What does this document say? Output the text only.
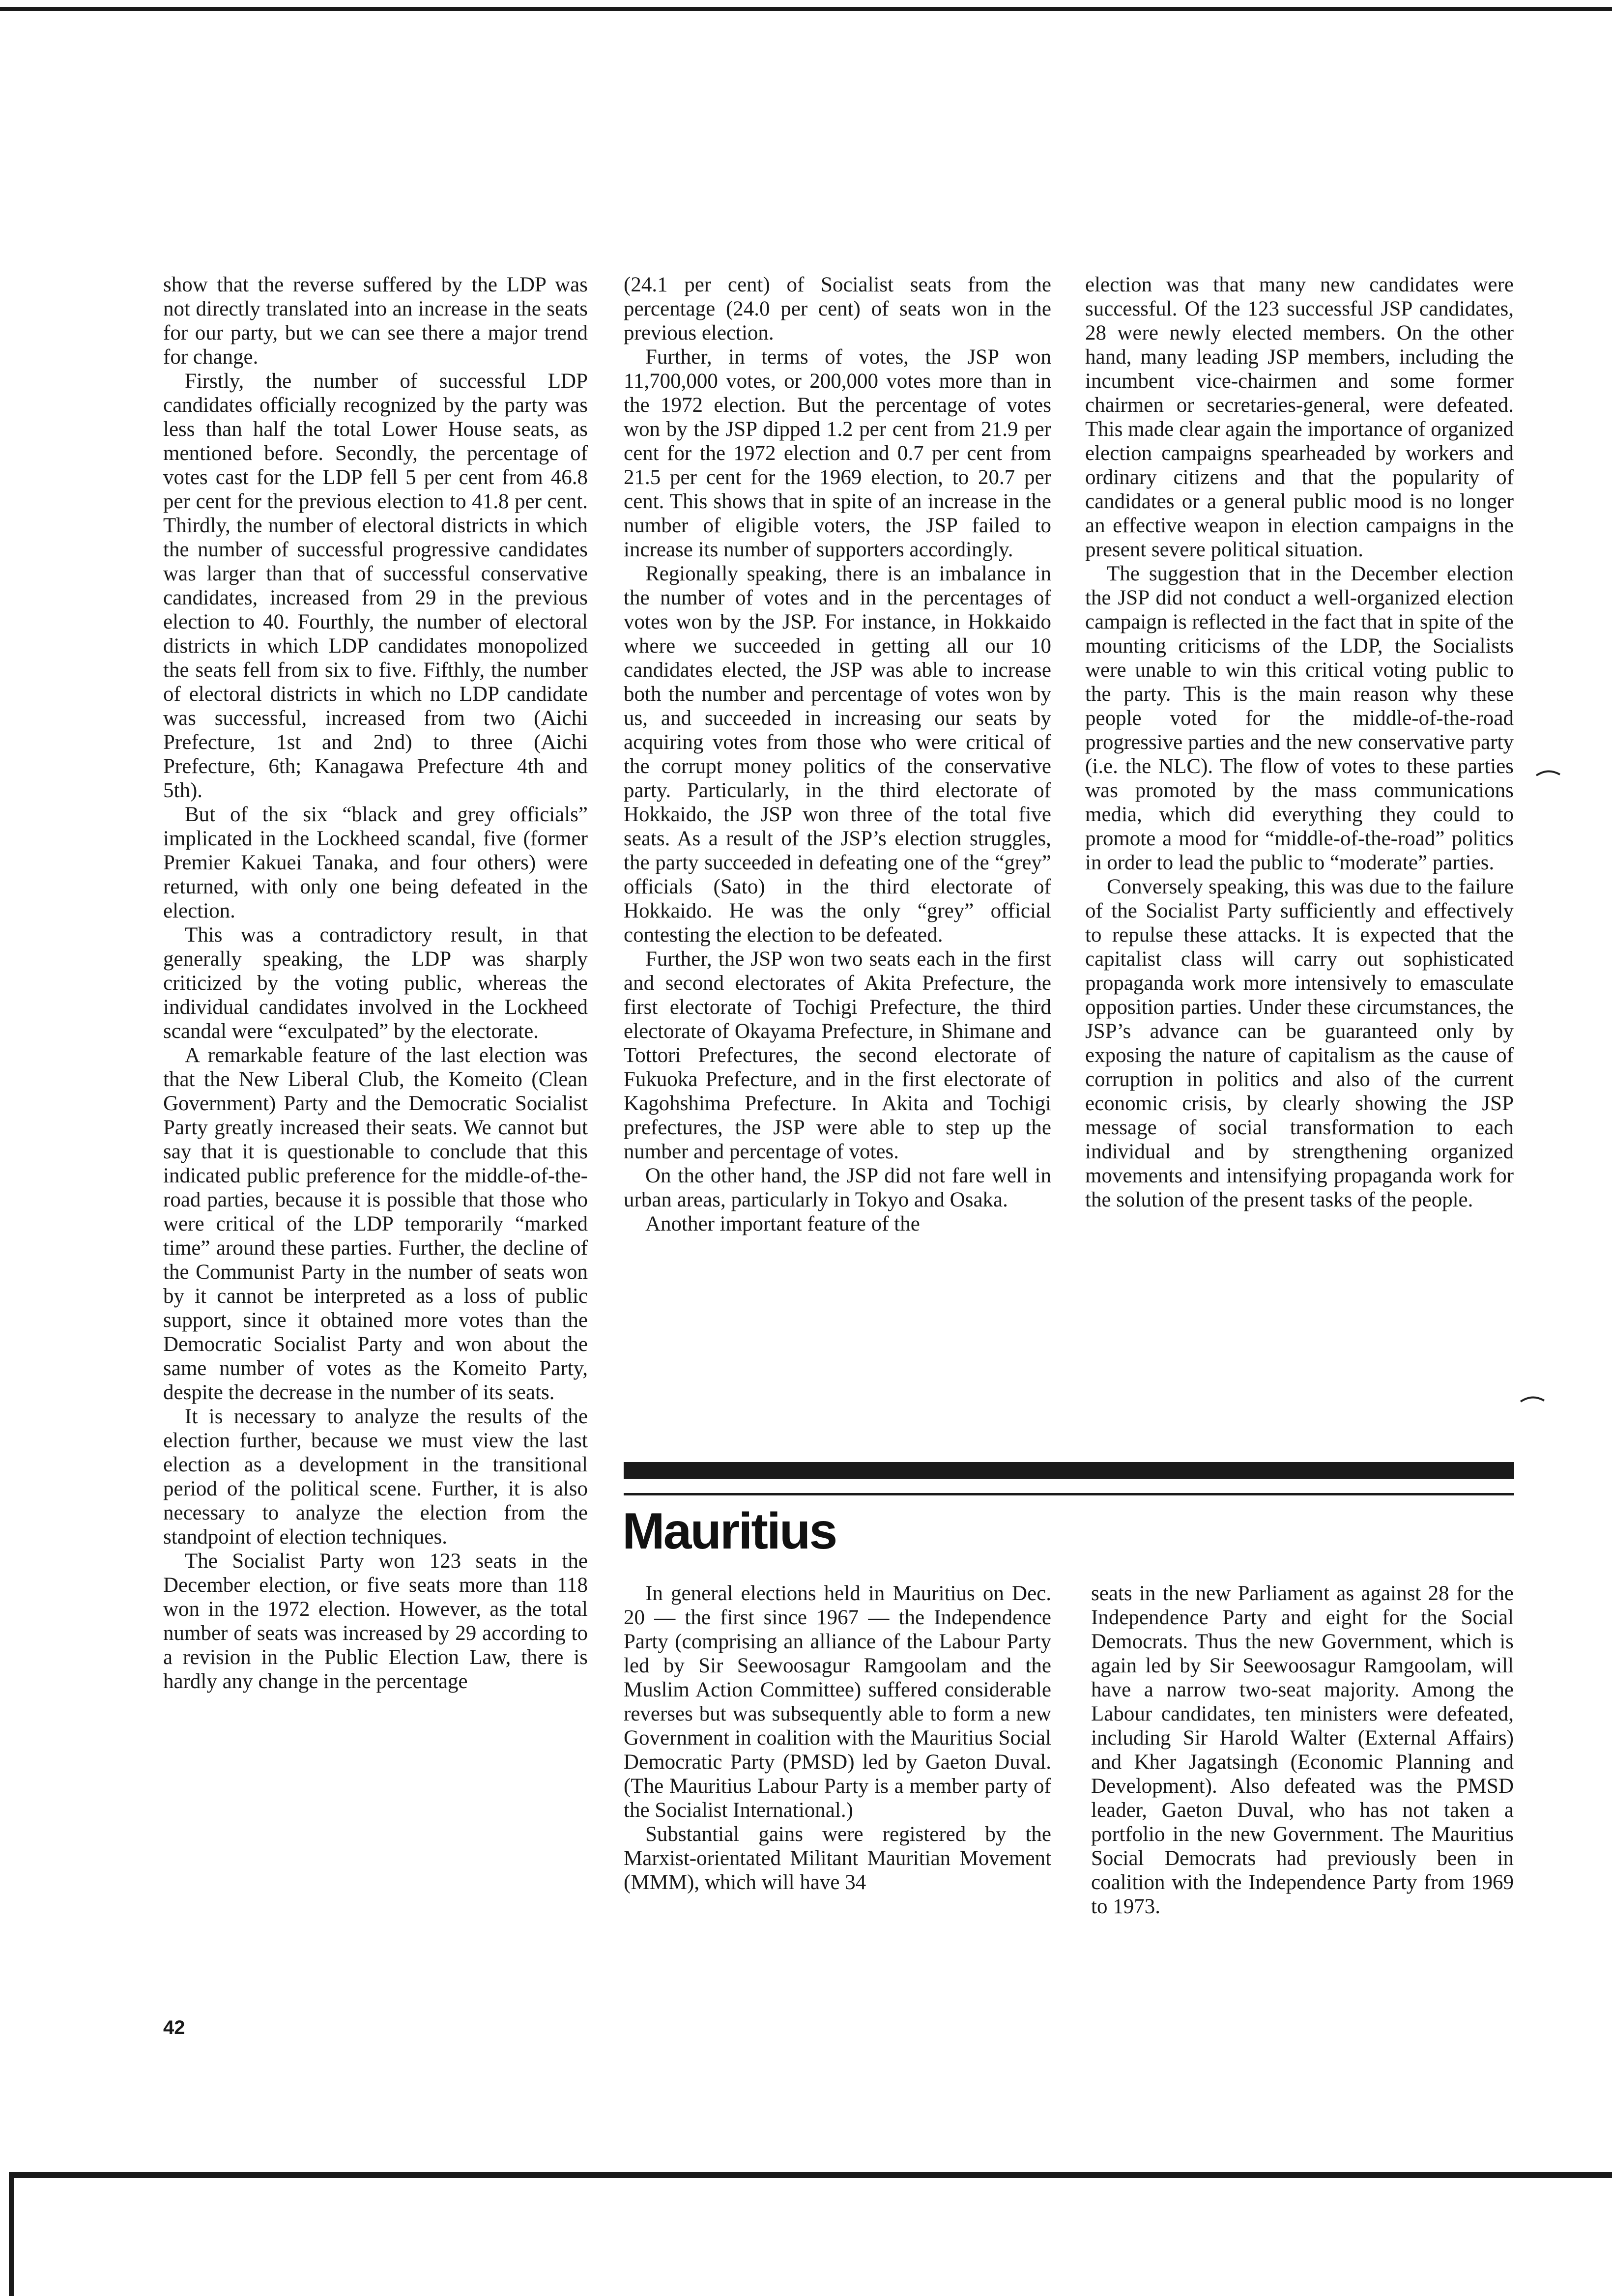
show that the reverse suffered by the LDP was not directly translated into an increase in the seats for our party, but we can see there a major trend for change.

Firstly, the number of successful LDP candidates officially recognized by the party was less than half the total Lower House seats, as mentioned before. Secondly, the percentage of votes cast for the LDP fell 5 per cent from 46.8 per cent for the previous election to 41.8 per cent. Thirdly, the number of electoral districts in which the number of successful progressive candidates was larger than that of successful conservative candidates, increased from 29 in the previous election to 40. Fourthly, the number of electoral districts in which LDP candidates monopolized the seats fell from six to five. Fifthly, the number of electoral districts in which no LDP candidate was successful, increased from two (Aichi Prefecture, 1st and 2nd) to three (Aichi Prefecture, 6th; Kanagawa Prefecture 4th and 5th).

But of the six “black and grey officials” implicated in the Lockheed scandal, five (former Premier Kakuei Tanaka, and four others) were returned, with only one being defeated in the election.

This was a contradictory result, in that generally speaking, the LDP was sharply criticized by the voting public, whereas the individual candidates involved in the Lockheed scandal were “exculpated” by the electorate.

A remarkable feature of the last election was that the New Liberal Club, the Komeito (Clean Government) Party and the Democratic Socialist Party greatly increased their seats. We cannot but say that it is questionable to conclude that this indicated public preference for the middle-of-the-road parties, because it is possible that those who were critical of the LDP temporarily “marked time” around these parties. Further, the decline of the Communist Party in the number of seats won by it cannot be interpreted as a loss of public support, since it obtained more votes than the Democratic Socialist Party and won about the same number of votes as the Komeito Party, despite the decrease in the number of its seats.

It is necessary to analyze the results of the election further, because we must view the last election as a development in the transitional period of the political scene. Further, it is also necessary to analyze the election from the standpoint of election techniques.

The Socialist Party won 123 seats in the December election, or five seats more than 118 won in the 1972 election. However, as the total number of seats was increased by 29 according to a revision in the Public Election Law, there is hardly any change in the percentage

(24.1 per cent) of Socialist seats from the percentage (24.0 per cent) of seats won in the previous election.

Further, in terms of votes, the JSP won 11,700,000 votes, or 200,000 votes more than in the 1972 election. But the percentage of votes won by the JSP dipped 1.2 per cent from 21.9 per cent for the 1972 election and 0.7 per cent from 21.5 per cent for the 1969 election, to 20.7 per cent. This shows that in spite of an increase in the number of eligible voters, the JSP failed to increase its number of supporters accordingly.

Regionally speaking, there is an imbalance in the number of votes and in the percentages of votes won by the JSP. For instance, in Hokkaido where we succeeded in getting all our 10 candidates elected, the JSP was able to increase both the number and percentage of votes won by us, and succeeded in increasing our seats by acquiring votes from those who were critical of the corrupt money politics of the conservative party. Particularly, in the third electorate of Hokkaido, the JSP won three of the total five seats. As a result of the JSP’s election struggles, the party succeeded in defeating one of the “grey” officials (Sato) in the third electorate of Hokkaido. He was the only “grey” official contesting the election to be defeated.

Further, the JSP won two seats each in the first and second electorates of Akita Prefecture, the first electorate of Tochigi Prefecture, the third electorate of Okayama Prefecture, in Shimane and Tottori Prefectures, the second electorate of Fukuoka Prefecture, and in the first electorate of Kagohshima Prefecture. In Akita and Tochigi prefectures, the JSP were able to step up the number and percentage of votes.

On the other hand, the JSP did not fare well in urban areas, particularly in Tokyo and Osaka.

Another important feature of the

election was that many new candidates were successful. Of the 123 successful JSP candidates, 28 were newly elected members. On the other hand, many leading JSP members, including the incumbent vice-chairmen and some former chairmen or secretaries-general, were defeated. This made clear again the importance of organized election campaigns spearheaded by workers and ordinary citizens and that the popularity of candidates or a general public mood is no longer an effective weapon in election campaigns in the present severe political situation.

The suggestion that in the December election the JSP did not conduct a well-organized election campaign is reflected in the fact that in spite of the mounting criticisms of the LDP, the Socialists were unable to win this critical voting public to the party. This is the main reason why these people voted for the middle-of-the-road progressive parties and the new conservative party (i.e. the NLC). The flow of votes to these parties was promoted by the mass communications media, which did everything they could to promote a mood for “middle-of-the-road” politics in order to lead the public to “moderate” parties.

Conversely speaking, this was due to the failure of the Socialist Party sufficiently and effectively to repulse these attacks. It is expected that the capitalist class will carry out sophisticated propaganda work more intensively to emasculate opposition parties. Under these circumstances, the JSP’s advance can be guaranteed only by exposing the nature of capitalism as the cause of corruption in politics and also of the current economic crisis, by clearly showing the JSP message of social transformation to each individual and by strengthening organized movements and intensifying propaganda work for the solution of the present tasks of the people.

Mauritius

In general elections held in Mauritius on Dec. 20 — the first since 1967 — the Independence Party (comprising an alliance of the Labour Party led by Sir Seewoosagur Ramgoolam and the Muslim Action Committee) suffered considerable reverses but was subsequently able to form a new Government in coalition with the Mauritius Social Democratic Party (PMSD) led by Gaeton Duval. (The Mauritius Labour Party is a member party of the Socialist International.)

Substantial gains were registered by the Marxist-orientated Militant Mauritian Movement (MMM), which will have 34

seats in the new Parliament as against 28 for the Independence Party and eight for the Social Democrats. Thus the new Government, which is again led by Sir Seewoosagur Ramgoolam, will have a narrow two-seat majority. Among the Labour candidates, ten ministers were defeated, including Sir Harold Walter (External Affairs) and Kher Jagatsingh (Economic Planning and Development). Also defeated was the PMSD leader, Gaeton Duval, who has not taken a portfolio in the new Government. The Mauritius Social Democrats had previously been in coalition with the Independence Party from 1969 to 1973.

42
